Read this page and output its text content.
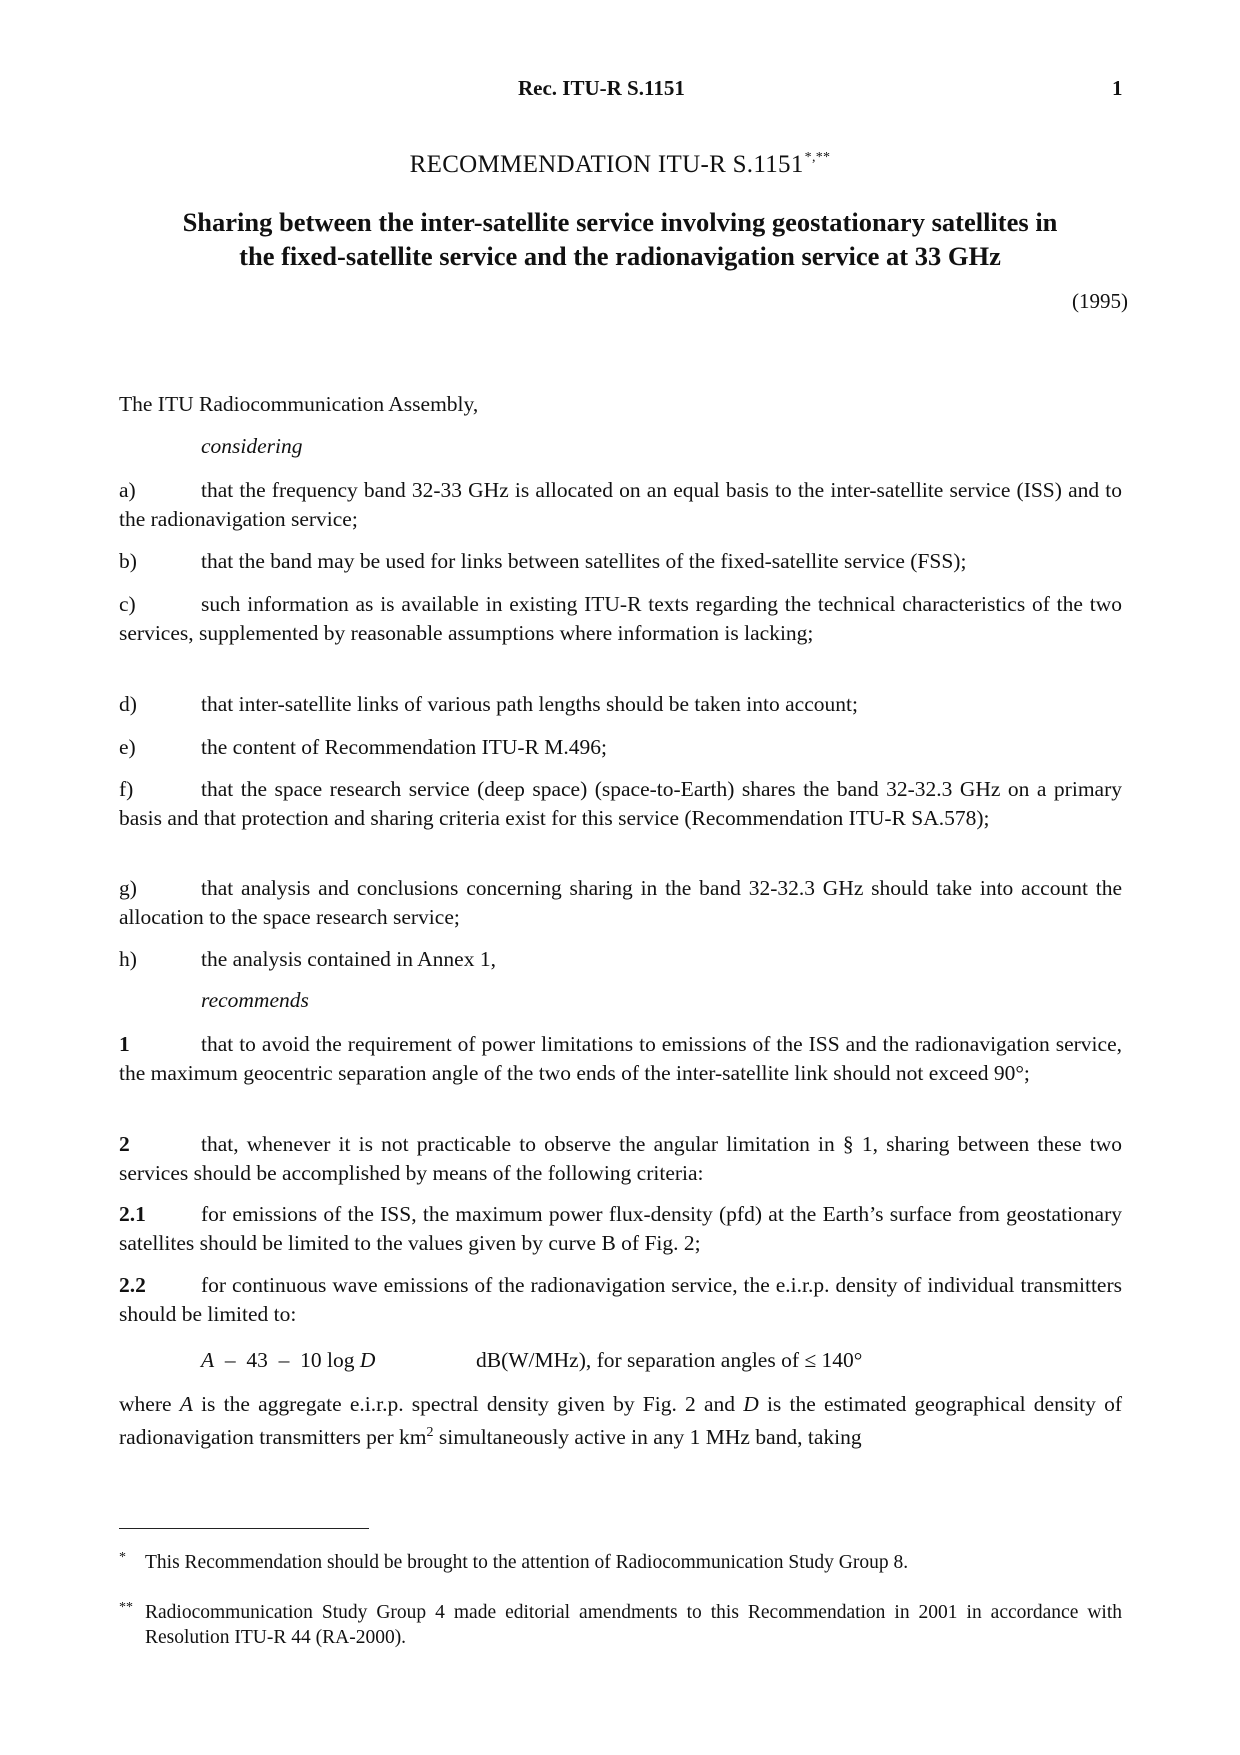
Rec. ITU-R S.1151	1
RECOMMENDATION ITU-R S.1151*,**
Sharing between the inter-satellite service involving geostationary satellites in
the fixed-satellite service and the radionavigation service at 33 GHz
(1995)
The ITU Radiocommunication Assembly,
considering
a)	that the frequency band 32-33 GHz is allocated on an equal basis to the inter-satellite service (ISS) and to the radionavigation service;
b)	that the band may be used for links between satellites of the fixed-satellite service (FSS);
c)	such information as is available in existing ITU-R texts regarding the technical characteristics of the two services, supplemented by reasonable assumptions where information is lacking;
d)	that inter-satellite links of various path lengths should be taken into account;
e)	the content of Recommendation ITU-R M.496;
f)	that the space research service (deep space) (space-to-Earth) shares the band 32-32.3 GHz on a primary basis and that protection and sharing criteria exist for this service (Recommendation ITU-R SA.578);
g)	that analysis and conclusions concerning sharing in the band 32-32.3 GHz should take into account the allocation to the space research service;
h)	the analysis contained in Annex 1,
recommends
1	that to avoid the requirement of power limitations to emissions of the ISS and the radionavigation service, the maximum geocentric separation angle of the two ends of the inter-satellite link should not exceed 90°;
2	that, whenever it is not practicable to observe the angular limitation in § 1, sharing between these two services should be accomplished by means of the following criteria:
2.1	for emissions of the ISS, the maximum power flux-density (pfd) at the Earth’s surface from geostationary satellites should be limited to the values given by curve B of Fig. 2;
2.2	for continuous wave emissions of the radionavigation service, the e.i.r.p. density of individual transmitters should be limited to:
A  –  43  –  10 log D	dB(W/MHz), for separation angles of ≤ 140°
where A is the aggregate e.i.r.p. spectral density given by Fig. 2 and D is the estimated geographical density of radionavigation transmitters per $km^2$ simultaneously active in any 1 MHz band, taking
* This Recommendation should be brought to the attention of Radiocommunication Study Group 8.
** Radiocommunication Study Group 4 made editorial amendments to this Recommendation in 2001 in accordance with Resolution ITU-R 44 (RA-2000).
